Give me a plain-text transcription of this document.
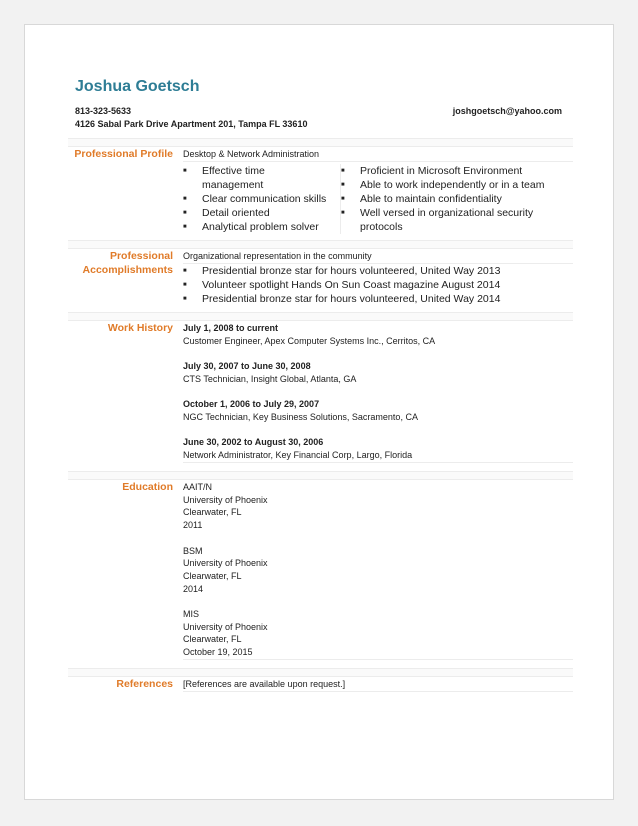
Joshua Goetsch
813-323-5633	joshgoetsch@yahoo.com
4126 Sabal Park Drive Apartment 201, Tampa FL 33610
Professional Profile Desktop & Network Administration
■ Effective time management
■ Clear communication skills
■ Detail oriented
■ Analytical problem solver
■ Proficient in Microsoft Environment
■ Able to work independently or in a team
■ Able to maintain confidentiality
■ Well versed in organizational security protocols
Professional
Accomplishments
Organizational representation in the community
■ Presidential bronze star for hours volunteered, United Way 2013
■ Volunteer spotlight Hands On Sun Coast magazine August 2014
■ Presidential bronze star for hours volunteered, United Way 2014
Work History July 1, 2008 to current
Customer Engineer, Apex Computer Systems Inc., Cerritos, CA
July 30, 2007 to June 30, 2008
CTS Technician, Insight Global, Atlanta, GA
October 1, 2006 to July 29, 2007
NGC Technician, Key Business Solutions, Sacramento, CA
June 30, 2002 to August 30, 2006
Network Administrator, Key Financial Corp, Largo, Florida
Education AAIT/N
University of Phoenix
Clearwater, FL
2011
BSM
University of Phoenix
Clearwater, FL
2014
MIS
University of Phoenix
Clearwater, FL
October 19, 2015
References [References are available upon request.]
